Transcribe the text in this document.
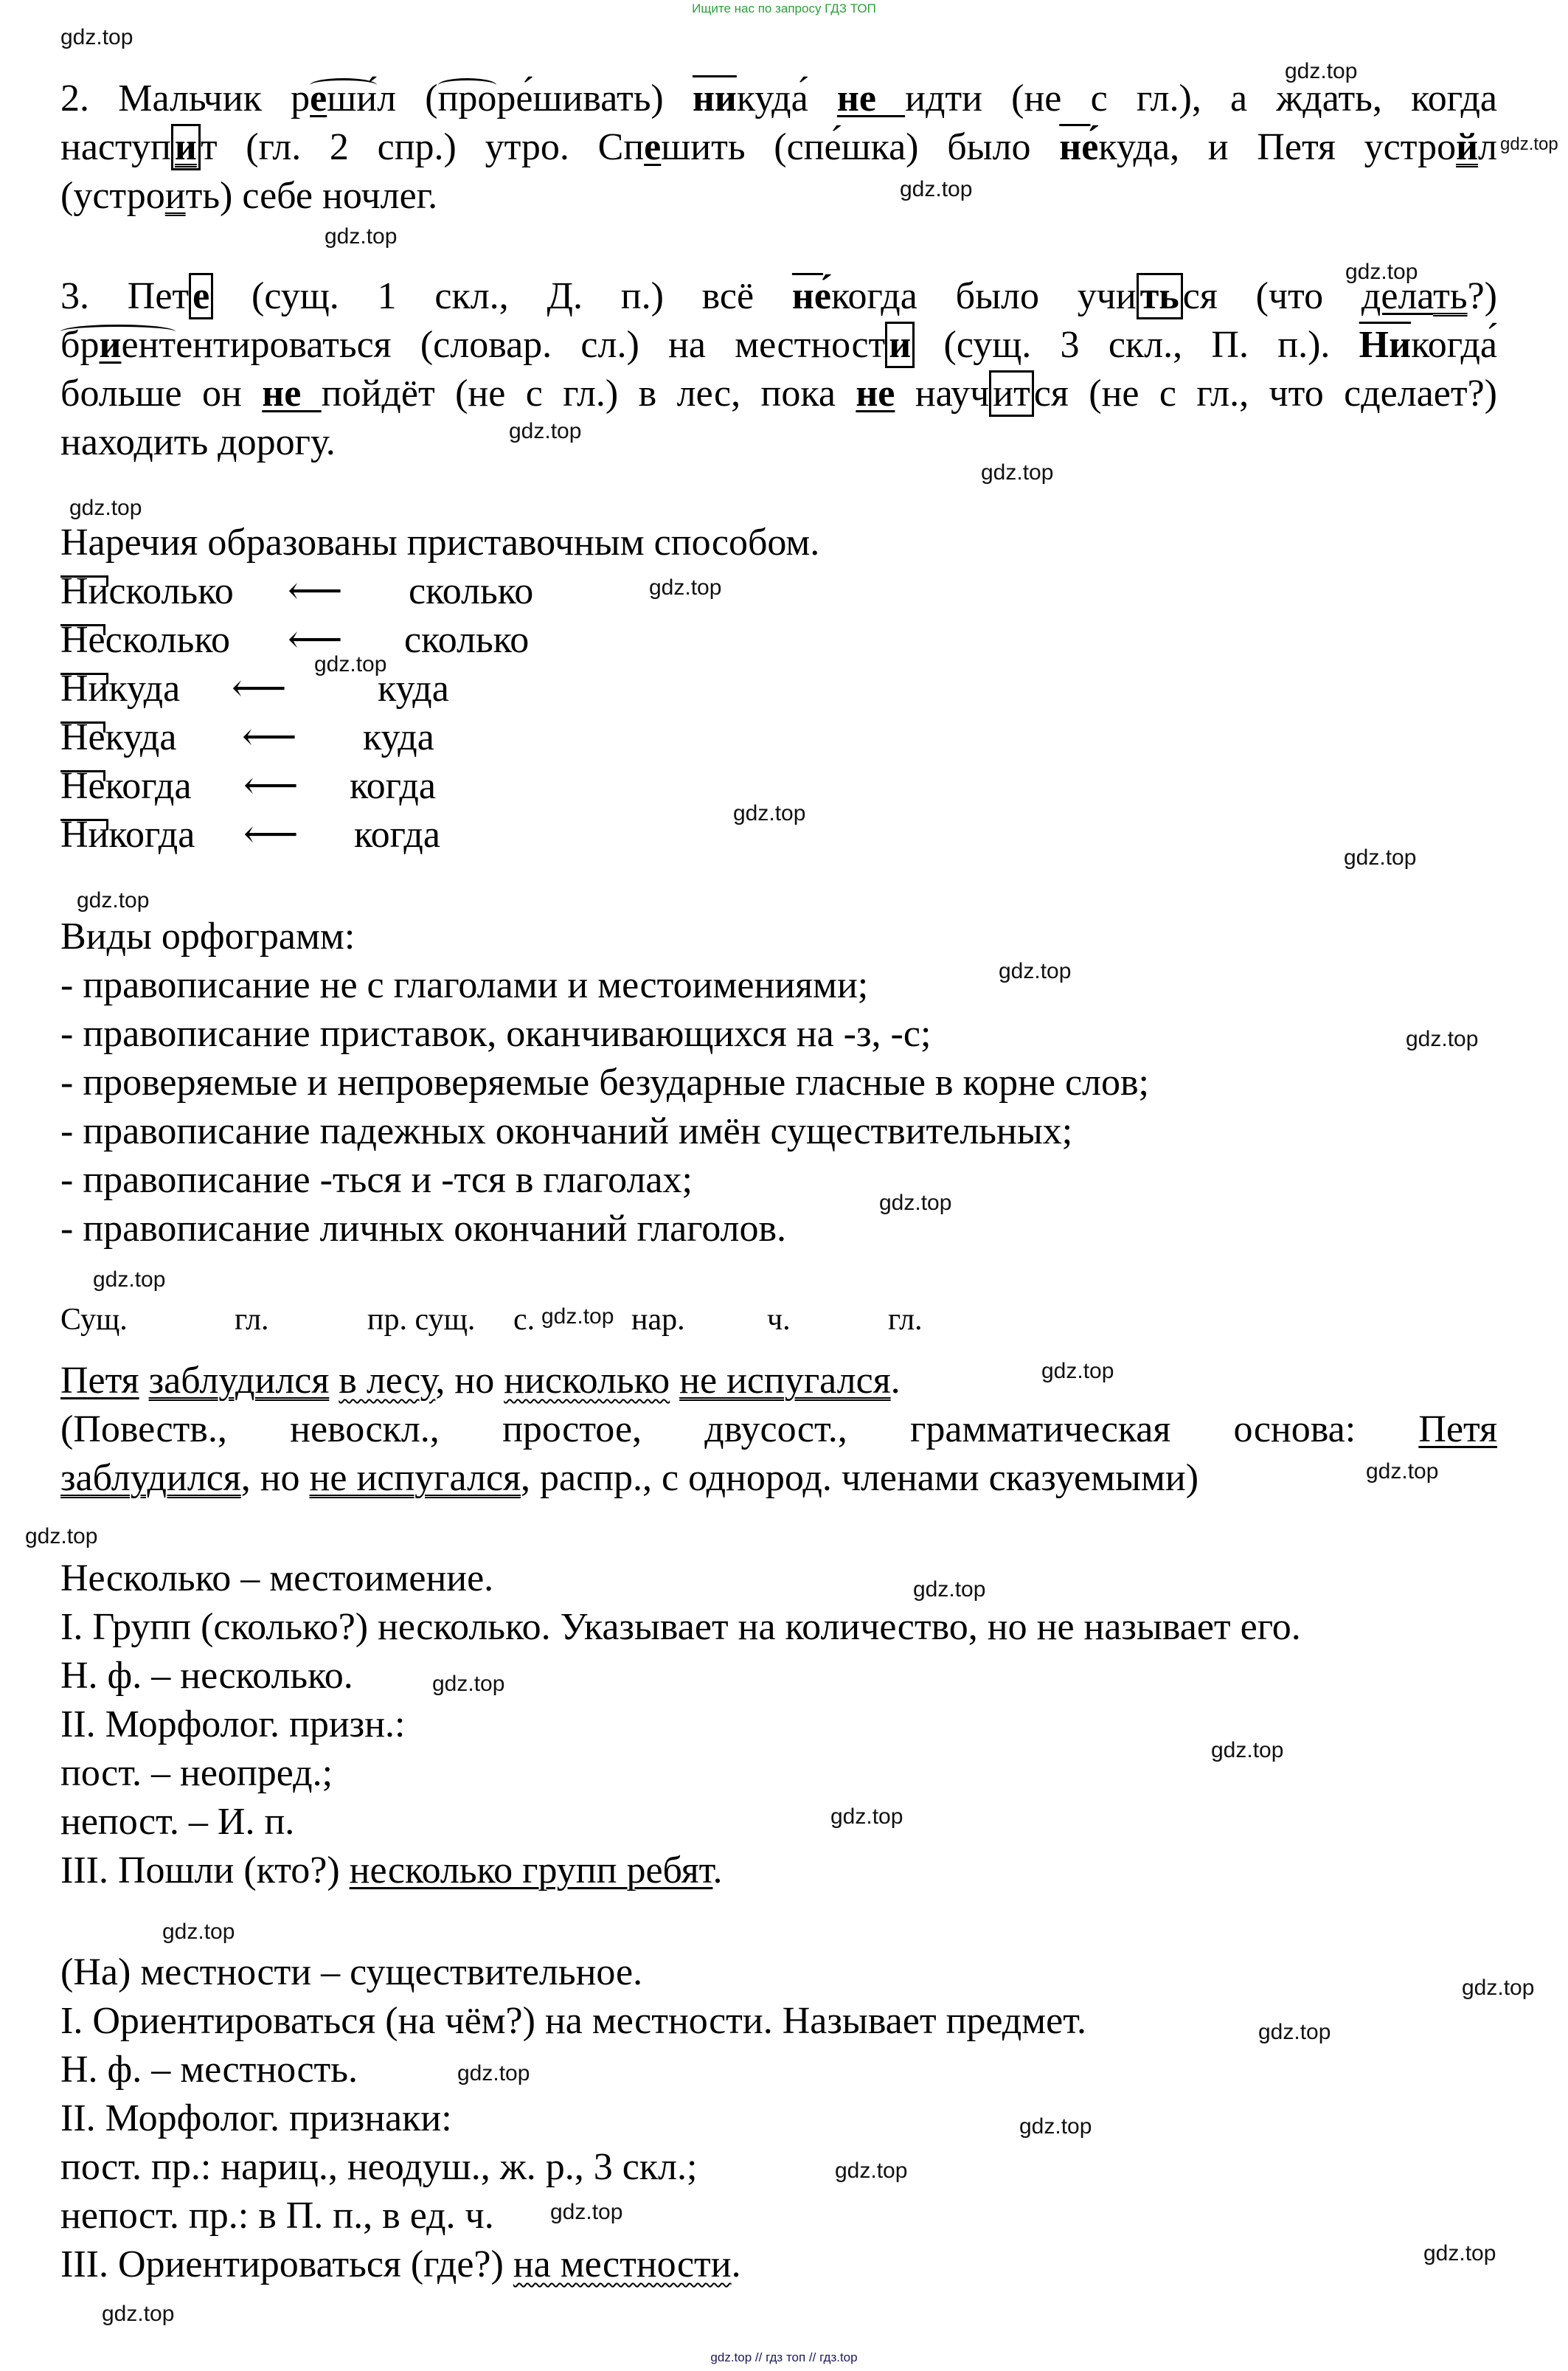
Ищите нас по запросу ГДЗ ТОП
2. Мальчик реши́л (проре́шивать) никуда́ не идти (не с гл.), а ждать, когда
наступит (гл. 2 спр.) утро. Спешить (спе́шка) было не́куда, и Петя устройл
(устроить) себе ночлег.
3. Пете (сущ. 1 скл., Д. п.) всё не́когда было учиться (что делать?)
бриентентироваться (словар. сл.) на местности (сущ. 3 скл., П. п.). Никогда́
больше он не пойдёт (не с гл.) в лес, пока не научится (не с гл., что сделает?)
находить дорогу.
Наречия образованы приставочным способом.
Нисколько ⟵ сколько
Несколько ⟵ сколько
Никуда ⟵ куда
Некуда ⟵ куда
Некогда ⟵ когда
Никогда ⟵ когда
Виды орфограмм:
- правописание не с глаголами и местоимениями;
- правописание приставок, оканчивающихся на -з, -с;
- проверяемые и непроверяемые безударные гласные в корне слов;
- правописание падежных окончаний имён существительных;
- правописание -ться и -тся в глаголах;
- правописание личных окончаний глаголов.
Сущ.	гл.	пр. сущ. с.	нар.	ч.	гл.
Петя заблудился в лесу, но нисколько не испугался.
(Повеств., невоскл., простое, двусост., грамматическая основа: Петя
заблудился, но не испугался, распр., с однород. членами сказуемыми)
Несколько – местоимение.
I. Групп (сколько?) несколько. Указывает на количество, но не называет его.
Н. ф. – несколько.
II. Морфолог. призн.:
пост. – неопред.;
непост. – И. п.
III. Пошли (кто?) несколько групп ребят.
(На) местности – существительное.
I. Ориентироваться (на чём?) на местности. Называет предмет.
Н. ф. – местность.
II. Морфолог. признаки:
пост. пр.: нариц., неодуш., ж. р., 3 скл.;
непост. пр.: в П. п., в ед. ч.
III. Ориентироваться (где?) на местности.
gdz.top
gdz.top
gdz.top
gdz.top
gdz.top
gdz.top
gdz.top
gdz.top
gdz.top
gdz.top
gdz.top
gdz.top
gdz.top
gdz.top
gdz.top
gdz.top
gdz.top
gdz.top
gdz.top
gdz.top
gdz.top
gdz.top
gdz.top
gdz.top
gdz.top
gdz.top
gdz.top
gdz.top
gdz.top
gdz.top
gdz.top
gdz.top
gdz.top
gdz.top
gdz.top
gdz.top // гдз топ // гдз.top
